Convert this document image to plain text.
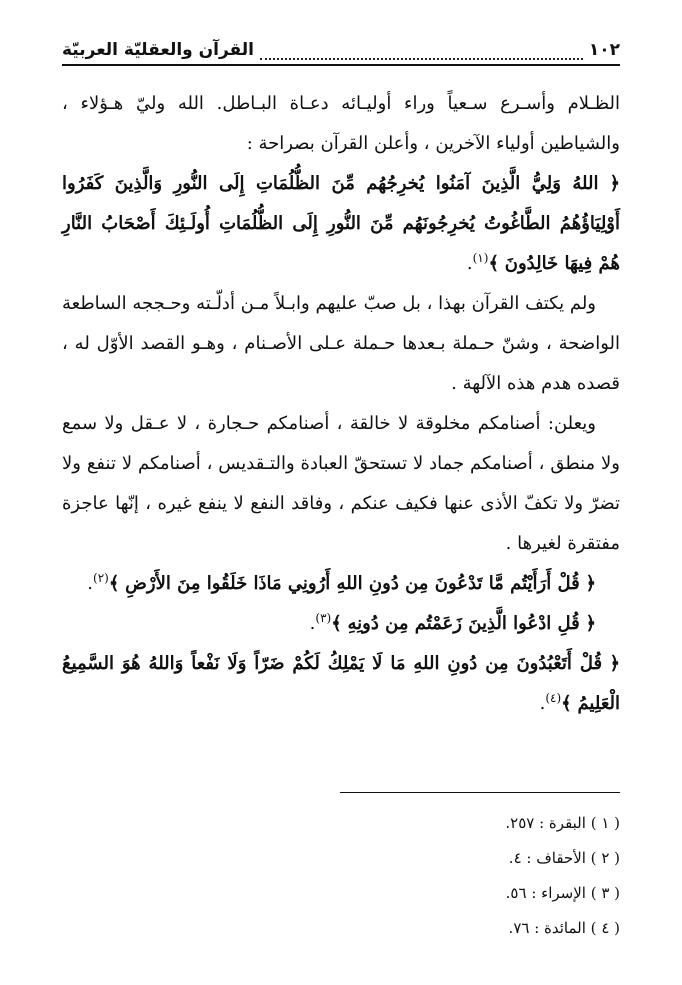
١٠٢
القرآن والعقليّة العربيّة

الظـلام وأسـرع سـعياً وراء أوليـائه دعـاة البـاطل. الله وليّ هـؤلاء ، والشياطين أولياء الآخرين ، وأعلن القرآن بصراحة :

﴿ اللهُ وَلِيُّ الَّذِينَ آمَنُوا يُخرِجُهُم مِّنَ الظُّلُمَاتِ إِلَى النُّورِ وَالَّذِينَ كَفَرُوا أَوْلِيَاؤُهُمُ الطَّاغُوتُ يُخرِجُونَهُم مِّنَ النُّورِ إِلَى الظُّلُمَاتِ أُولَـئِكَ أَصْحَابُ النَّارِ هُمْ فِيهَا خَالِدُونَ ﴾$^{(١)}$.

ولم يكتف القرآن بهذا ، بل صبّ عليهم وابـلاً مـن أدلّـته وحـججه الساطعة الواضحة ، وشنّ حـملة بـعدها حـملة عـلى الأصـنام ، وهـو القصد الأوّل له ، قصده هدم هذه الآلهة .

ويعلن: أصنامكم مخلوقة لا خالقة ، أصنامكم حـجارة ، لا عـقل ولا سمع ولا منطق ، أصنامكم جماد لا تستحقّ العبادة والتـقديس ، أصنامكم لا تنفع ولا تضرّ ولا تكفّ الأذى عنها فكيف عنكم ، وفاقد النفع لا ينفع غيره ، إنّها عاجزة مفتقرة لغيرها .

﴿ قُلْ أَرَأَيْتُم مَّا تَدْعُونَ مِن دُونِ اللهِ أَرُونِي مَاذَا خَلَقُوا مِنَ الأَرْضِ ﴾$^{(٢)}$.

﴿ قُلِ ادْعُوا الَّذِينَ زَعَمْتُم مِن دُونِهِ ﴾$^{(٣)}$.

﴿ قُلْ أَتَعْبُدُونَ مِن دُونِ اللهِ مَا لَا يَمْلِكُ لَكُمْ ضَرّاً وَلَا نَفْعاً وَاللهُ هُوَ السَّمِيعُ الْعَلِيمُ ﴾$^{(٤)}$.

( ١ ) البقرة : ٢٥٧.
( ٢ ) الأحقاف : ٤.
( ٣ ) الإسراء : ٥٦.
( ٤ ) المائدة : ٧٦.
